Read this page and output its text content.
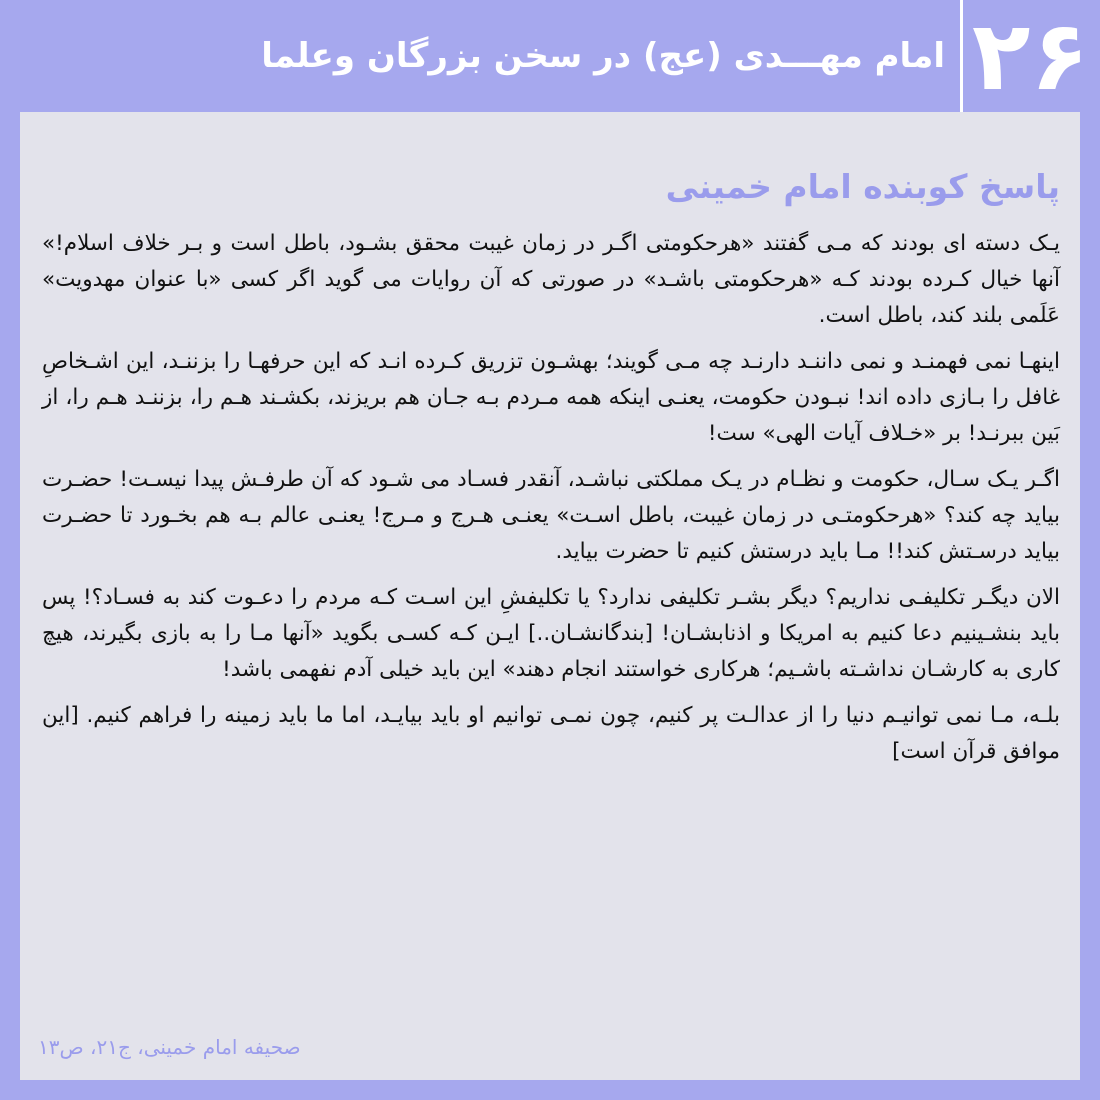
امام مهـــدی (عج) در سخن بزرگان وعلما ۲۶
پاسخ کوبنده امام خمینی

یـک دسته ای بودند که مـی گفتند «هرحکومتی اگـر در زمان غیبت محقق بشـود، باطل است و بـر خلاف اسلام!» آنها خیال کـرده بودند کـه «هرحکومتی باشـد» در صورتی که آن روایات می گوید اگر کسی «با عنوان مهدویت» عَلَمی بلند کند، باطل است.

اینهـا نمی فهمنـد و نمی داننـد دارنـد چه مـی گویند؛ بهشـون تزریق کـرده انـد که این حرفهـا را بزننـد، این اشـخاصِ غافل را بـازی داده اند! نبـودن حکومت، یعنـی اینکه همه مـردم بـه جـان هم بریزند، بکشـند هـم را، بزننـد هـم را، از بَین ببرنـد! بر «خـلاف آیات الهی» ست!

اگـر یـک سـال، حکومت و نظـام در یـک مملکتی نباشـد، آنقدر فسـاد می شـود که آن طرفـش پیدا نیسـت! حضـرت بیاید چه کند؟ «هرحکومتـی در زمان غیبت، باطل اسـت» یعنـی هـرج و مـرج! یعنـی عالم بـه هم بخـورد تا حضـرت بیاید درسـتش کند!! مـا باید درستش کنیم تا حضرت بیاید.

الان دیگـر تکلیفـی نداریم؟ دیگر بشـر تکلیفی ندارد؟ یا تکلیفشِ این اسـت کـه مردم را دعـوت کند به فسـاد؟! پس باید بنشـینیم دعا کنیم به امریکا و اذنابشـان! [بندگانشـان..] ایـن کـه کسـی بگوید «آنها مـا را به بازی بگیرند، هیچ کاری به کارشـان نداشـته باشـیم؛ هرکاری خواستند انجام دهند» این باید خیلی آدم نفهمی باشد!

بلـه، مـا نمی توانیـم دنیا را از عدالـت پر کنیم، چون نمـی توانیم او باید بیایـد، اما ما باید زمینه را فراهم کنیم. [این موافق قرآن است]

صحیفه امام خمینی، ج۲۱، ص۱۳
